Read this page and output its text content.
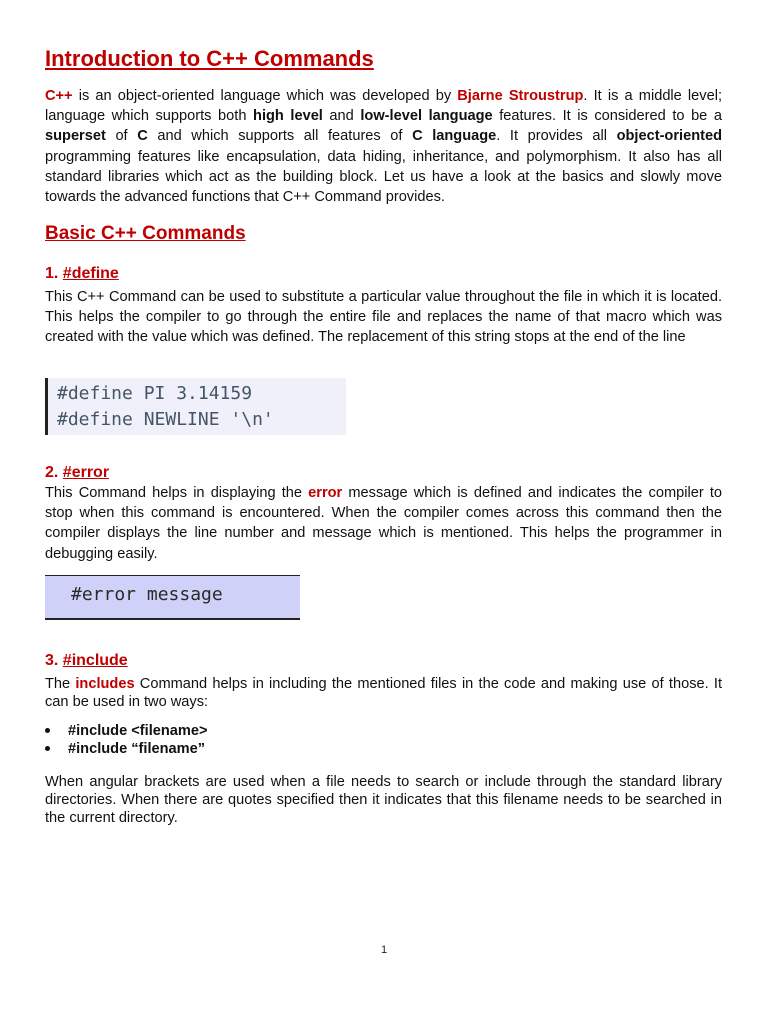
Introduction to C++ Commands

C++ is an object-oriented language which was developed by Bjarne Stroustrup. It is a middle level; language which supports both high level and low-level language features. It is considered to be a superset of C and which supports all features of C language. It provides all object-oriented programming features like encapsulation, data hiding, inheritance, and polymorphism. It also has all standard libraries which act as the building block. Let us have a look at the basics and slowly move towards the advanced functions that C++ Command provides.

Basic C++ Commands
1. #define

This C++ Command can be used to substitute a particular value throughout the file in which it is located. This helps the compiler to go through the entire file and replaces the name of that macro which was created with the value which was defined. The replacement of this string stops at the end of the line

#define PI 3.14159
#define NEWLINE '\n'
2. #error

This Command helps in displaying the error message which is defined and indicates the compiler to stop when this command is encountered. When the compiler comes across this command then the compiler displays the line number and message which is mentioned. This helps the programmer in debugging easily.

#error message
3. #include

The includes Command helps in including the mentioned files in the code and making use of those. It can be used in two ways:

#include <filename>
#include “filename”

When angular brackets are used when a file needs to search or include through the standard library directories. When there are quotes specified then it indicates that this filename needs to be searched in the current directory.

1
